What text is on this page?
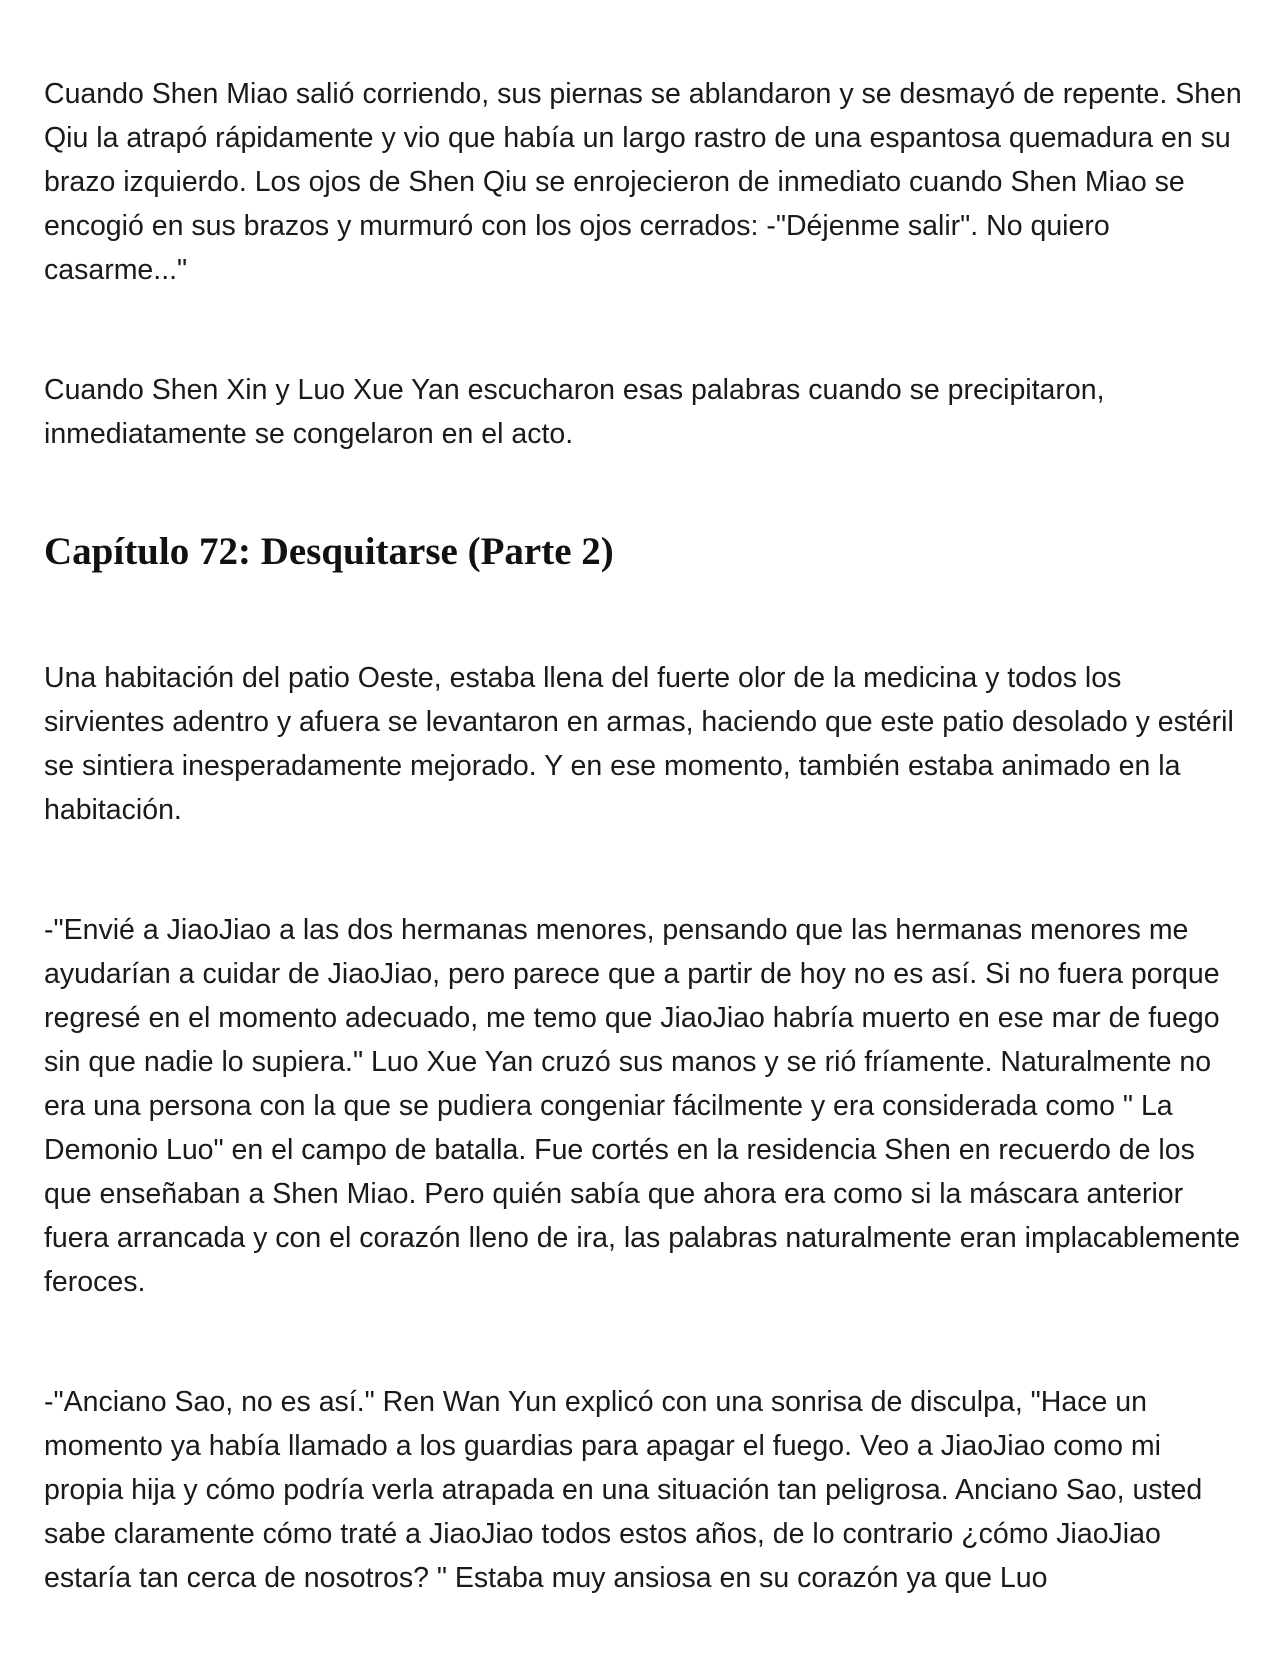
Cuando Shen Miao salió corriendo, sus piernas se ablandaron y se desmayó de repente. Shen Qiu la atrapó rápidamente y vio que había un largo rastro de una espantosa quemadura en su brazo izquierdo. Los ojos de Shen Qiu se enrojecieron de inmediato cuando Shen Miao se encogió en sus brazos y murmuró con los ojos cerrados: -"Déjenme salir". No quiero casarme..."

Cuando Shen Xin y Luo Xue Yan escucharon esas palabras cuando se precipitaron, inmediatamente se congelaron en el acto.

Capítulo 72: Desquitarse (Parte 2)

Una habitación del patio Oeste, estaba llena del fuerte olor de la medicina y todos los sirvientes adentro y afuera se levantaron en armas, haciendo que este patio desolado y estéril se sintiera inesperadamente mejorado. Y en ese momento, también estaba animado en la habitación.

-"Envié a JiaoJiao a las dos hermanas menores, pensando que las hermanas menores me ayudarían a cuidar de JiaoJiao, pero parece que a partir de hoy no es así. Si no fuera porque regresé en el momento adecuado, me temo que JiaoJiao habría muerto en ese mar de fuego sin que nadie lo supiera." Luo Xue Yan cruzó sus manos y se rió fríamente. Naturalmente no era una persona con la que se pudiera congeniar fácilmente y era considerada como " La Demonio Luo" en el campo de batalla. Fue cortés en la residencia Shen en recuerdo de los que enseñaban a Shen Miao. Pero quién sabía que ahora era como si la máscara anterior fuera arrancada y con el corazón lleno de ira, las palabras naturalmente eran implacablemente feroces.

-"Anciano Sao, no es así." Ren Wan Yun explicó con una sonrisa de disculpa, "Hace un momento ya había llamado a los guardias para apagar el fuego. Veo a JiaoJiao como mi propia hija y cómo podría verla atrapada en una situación tan peligrosa. Anciano Sao, usted sabe claramente cómo traté a JiaoJiao todos estos años, de lo contrario ¿cómo JiaoJiao estaría tan cerca de nosotros? " Estaba muy ansiosa en su corazón ya que Luo
